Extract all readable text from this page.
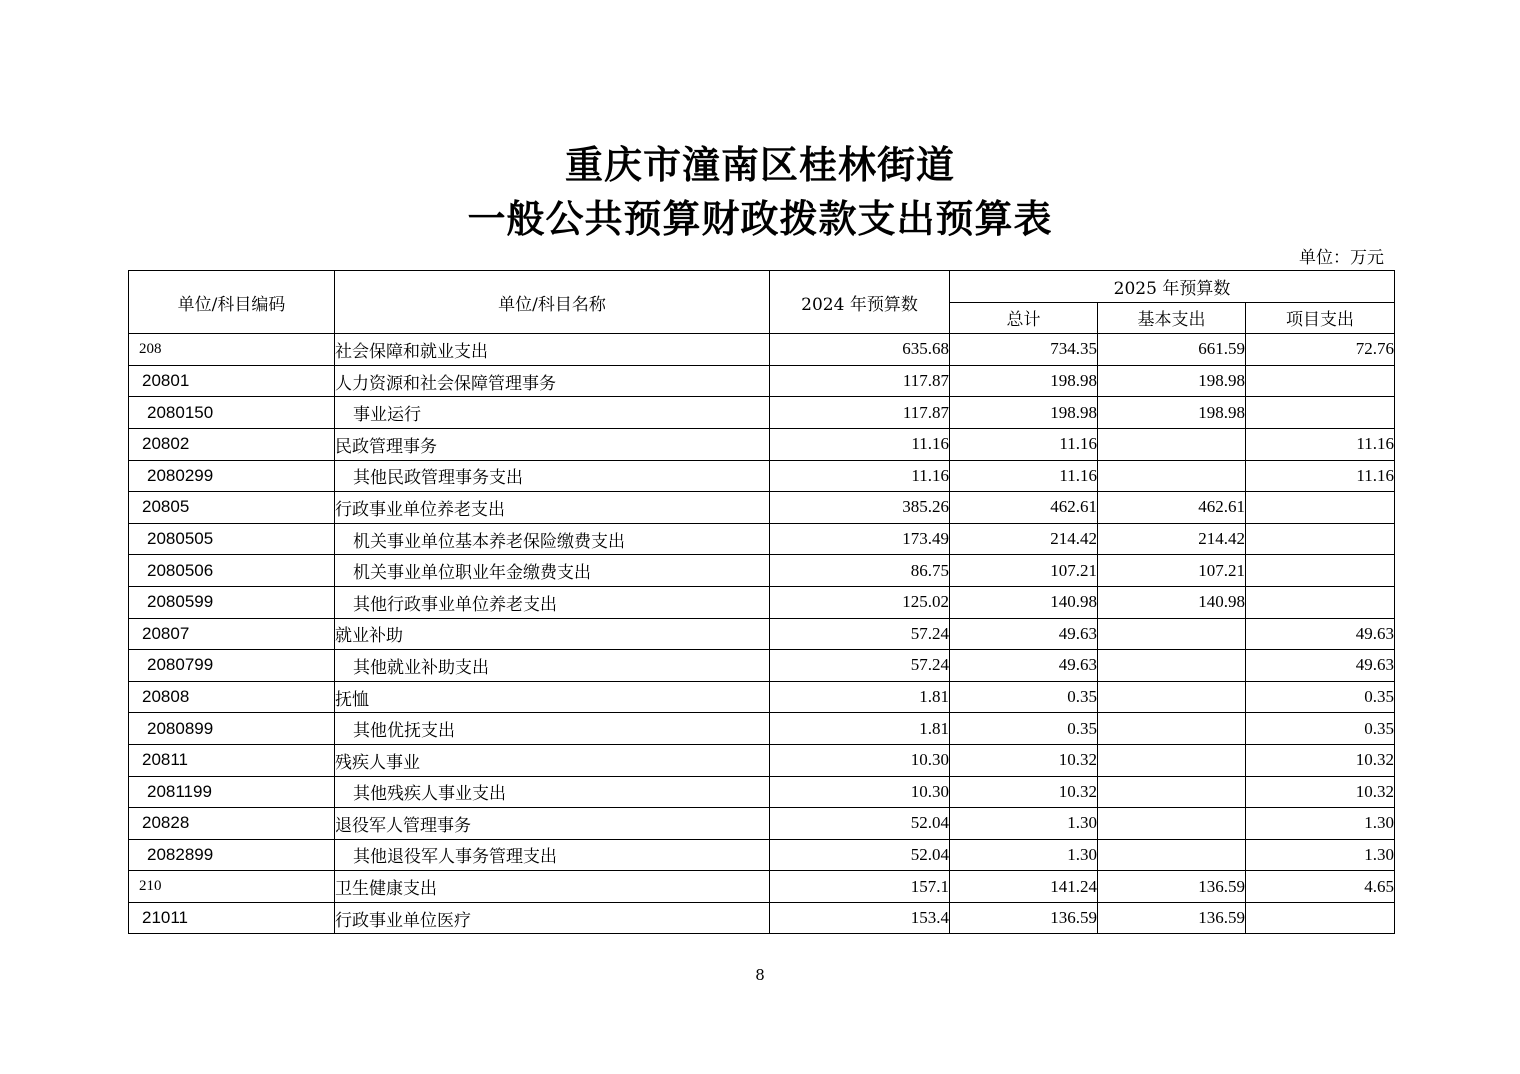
重庆市潼南区桂林街道
一般公共预算财政拨款支出预算表
单位：万元
单位/科目编码	单位/科目名称	2024 年预算数	2025 年预算数		
			总计	基本支出	项目支出
208	社会保障和就业支出	635.68	734.35	661.59	72.76
20801	人力资源和社会保障管理事务	117.87	198.98	198.98	
2080150	事业运行	117.87	198.98	198.98	
20802	民政管理事务	11.16	11.16		11.16
2080299	其他民政管理事务支出	11.16	11.16		11.16
20805	行政事业单位养老支出	385.26	462.61	462.61	
2080505	机关事业单位基本养老保险缴费支出	173.49	214.42	214.42	
2080506	机关事业单位职业年金缴费支出	86.75	107.21	107.21	
2080599	其他行政事业单位养老支出	125.02	140.98	140.98	
20807	就业补助	57.24	49.63		49.63
2080799	其他就业补助支出	57.24	49.63		49.63
20808	抚恤	1.81	0.35		0.35
2080899	其他优抚支出	1.81	0.35		0.35
20811	残疾人事业	10.30	10.32		10.32
2081199	其他残疾人事业支出	10.30	10.32		10.32
20828	退役军人管理事务	52.04	1.30		1.30
2082899	其他退役军人事务管理支出	52.04	1.30		1.30
210	卫生健康支出	157.1	141.24	136.59	4.65
21011	行政事业单位医疗	153.4	136.59	136.59	
8
